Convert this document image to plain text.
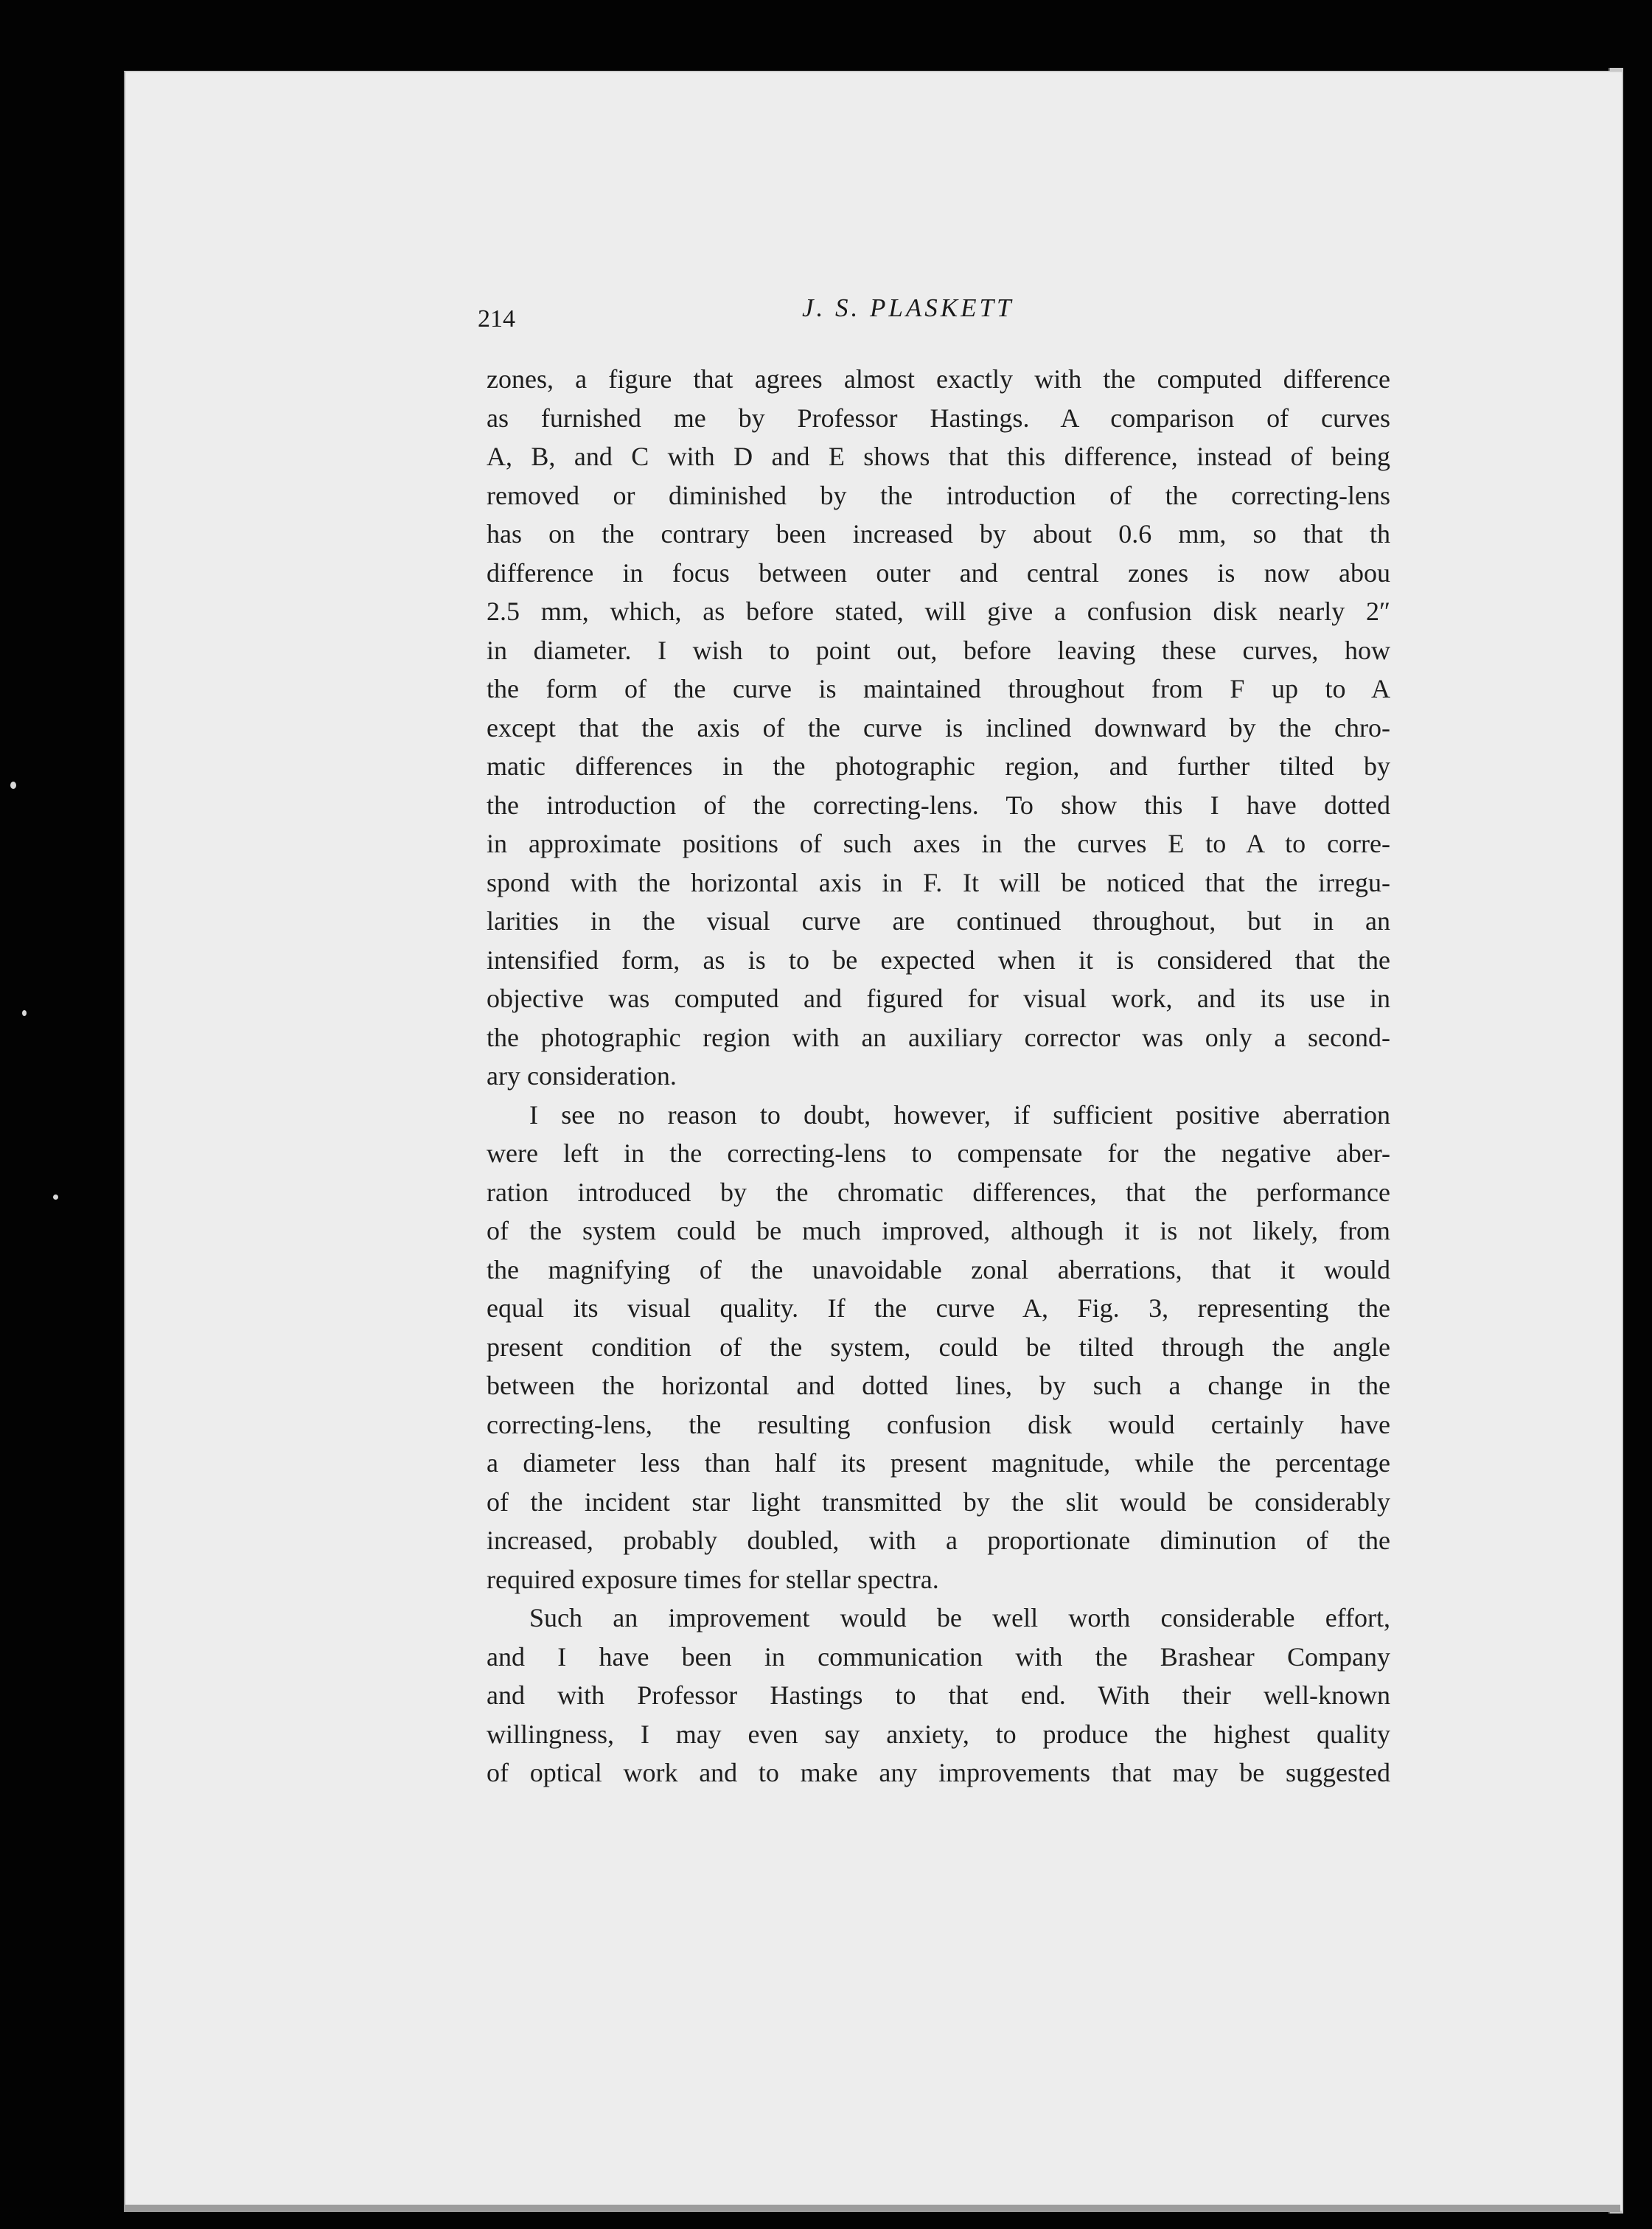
214	J. S. PLASKETT
zones, a figure that agrees almost exactly with the computed difference
as furnished me by Professor Hastings. A comparison of curves
A, B, and C with D and E shows that this difference, instead of being
removed or diminished by the introduction of the correcting-lens
has on the contrary been increased by about 0.6 mm, so that th
difference in focus between outer and central zones is now abou
2.5 mm, which, as before stated, will give a confusion disk nearly 2″
in diameter. I wish to point out, before leaving these curves, how
the form of the curve is maintained throughout from F up to A
except that the axis of the curve is inclined downward by the chro-
matic differences in the photographic region, and further tilted by
the introduction of the correcting-lens. To show this I have dotted
in approximate positions of such axes in the curves E to A to corre-
spond with the horizontal axis in F. It will be noticed that the irregu-
larities in the visual curve are continued throughout, but in an
intensified form, as is to be expected when it is considered that the
objective was computed and figured for visual work, and its use in
the photographic region with an auxiliary corrector was only a second-
ary consideration.
I see no reason to doubt, however, if sufficient positive aberration
were left in the correcting-lens to compensate for the negative aber-
ration introduced by the chromatic differences, that the performance
of the system could be much improved, although it is not likely, from
the magnifying of the unavoidable zonal aberrations, that it would
equal its visual quality. If the curve A, Fig. 3, representing the
present condition of the system, could be tilted through the angle
between the horizontal and dotted lines, by such a change in the
correcting-lens, the resulting confusion disk would certainly have
a diameter less than half its present magnitude, while the percentage
of the incident star light transmitted by the slit would be considerably
increased, probably doubled, with a proportionate diminution of the
required exposure times for stellar spectra.
Such an improvement would be well worth considerable effort,
and I have been in communication with the Brashear Company
and with Professor Hastings to that end. With their well-known
willingness, I may even say anxiety, to produce the highest quality
of optical work and to make any improvements that may be suggested
